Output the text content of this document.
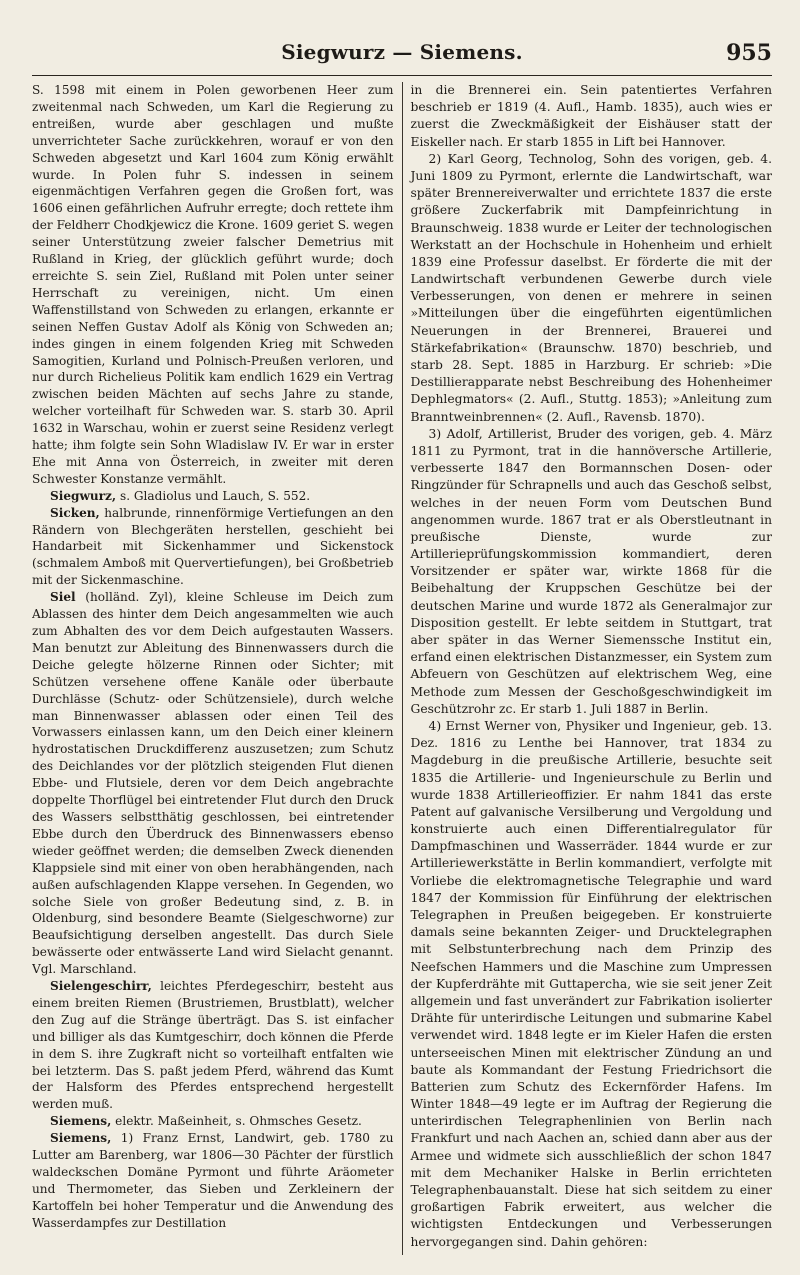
Siegwurz — Siemens.	955

S. 1598 mit einem in Polen geworbenen Heer zum zweitenmal nach Schweden, um Karl die Regierung zu entreißen, wurde aber geschlagen und mußte unverrichteter Sache zurückkehren, worauf er von den Schweden abgesetzt und Karl 1604 zum König erwählt wurde. In Polen fuhr S. indessen in seinem eigenmächtigen Verfahren gegen die Großen fort, was 1606 einen gefährlichen Aufruhr erregte; doch rettete ihm der Feldherr Chodkjewicz die Krone. 1609 geriet S. wegen seiner Unterstützung zweier falscher Demetrius mit Rußland in Krieg, der glücklich geführt wurde; doch erreichte S. sein Ziel, Rußland mit Polen unter seiner Herrschaft zu vereinigen, nicht. Um einen Waffenstillstand von Schweden zu erlangen, erkannte er seinen Neffen Gustav Adolf als König von Schweden an; indes gingen in einem folgenden Krieg mit Schweden Samogitien, Kurland und Polnisch-Preußen verloren, und nur durch Richelieus Politik kam endlich 1629 ein Vertrag zwischen beiden Mächten auf sechs Jahre zu stande, welcher vorteilhaft für Schweden war. S. starb 30. April 1632 in Warschau, wohin er zuerst seine Residenz verlegt hatte; ihm folgte sein Sohn Wladislaw IV. Er war in erster Ehe mit Anna von Österreich, in zweiter mit deren Schwester Konstanze vermählt.

Siegwurz, s. Gladiolus und Lauch, S. 552.

Sicken, halbrunde, rinnenförmige Vertiefungen an den Rändern von Blechgeräten herstellen, geschieht bei Handarbeit mit Sickenhammer und Sickenstock (schmalem Amboß mit Quervertiefungen), bei Großbetrieb mit der Sickenmaschine.

Siel (holländ. Zyl), kleine Schleuse im Deich zum Ablassen des hinter dem Deich angesammelten wie auch zum Abhalten des vor dem Deich aufgestauten Wassers. Man benutzt zur Ableitung des Binnenwassers durch die Deiche gelegte hölzerne Rinnen oder Sichter; mit Schützen versehene offene Kanäle oder überbaute Durchlässe (Schutz- oder Schützensiele), durch welche man Binnenwasser ablassen oder einen Teil des Vorwassers einlassen kann, um den Deich einer kleinern hydrostatischen Druckdifferenz auszusetzen; zum Schutz des Deichlandes vor der plötzlich steigenden Flut dienen Ebbe- und Flutsiele, deren vor dem Deich angebrachte doppelte Thorflügel bei eintretender Flut durch den Druck des Wassers selbstthätig geschlossen, bei eintretender Ebbe durch den Überdruck des Binnenwassers ebenso wieder geöffnet werden; die demselben Zweck dienenden Klappsiele sind mit einer von oben herabhängenden, nach außen aufschlagenden Klappe versehen. In Gegenden, wo solche Siele von großer Bedeutung sind, z. B. in Oldenburg, sind besondere Beamte (Sielgeschworne) zur Beaufsichtigung derselben angestellt. Das durch Siele bewässerte oder entwässerte Land wird Sielacht genannt. Vgl. Marschland.

Sielengeschirr, leichtes Pferdegeschirr, besteht aus einem breiten Riemen (Brustriemen, Brustblatt), welcher den Zug auf die Stränge überträgt. Das S. ist einfacher und billiger als das Kumtgeschirr, doch können die Pferde in dem S. ihre Zugkraft nicht so vorteilhaft entfalten wie bei letzterm. Das S. paßt jedem Pferd, während das Kumt der Halsform des Pferdes entsprechend hergestellt werden muß.

Siemens, elektr. Maßeinheit, s. Ohmsches Gesetz.

Siemens, 1) Franz Ernst, Landwirt, geb. 1780 zu Lutter am Barenberg, war 1806—30 Pächter der fürstlich waldeckschen Domäne Pyrmont und führte Aräometer und Thermometer, das Sieben und Zerkleinern der Kartoffeln bei hoher Temperatur und die Anwendung des Wasserdampfes zur Destillation

in die Brennerei ein. Sein patentiertes Verfahren beschrieb er 1819 (4. Aufl., Hamb. 1835), auch wies er zuerst die Zweckmäßigkeit der Eishäuser statt der Eiskeller nach. Er starb 1855 in Lift bei Hannover.

2) Karl Georg, Technolog, Sohn des vorigen, geb. 4. Juni 1809 zu Pyrmont, erlernte die Landwirtschaft, war später Brennereiverwalter und errichtete 1837 die erste größere Zuckerfabrik mit Dampfeinrichtung in Braunschweig. 1838 wurde er Leiter der technologischen Werkstatt an der Hochschule in Hohenheim und erhielt 1839 eine Professur daselbst. Er förderte die mit der Landwirtschaft verbundenen Gewerbe durch viele Verbesserungen, von denen er mehrere in seinen »Mitteilungen über die eingeführten eigentümlichen Neuerungen in der Brennerei, Brauerei und Stärkefabrikation« (Braunschw. 1870) beschrieb, und starb 28. Sept. 1885 in Harzburg. Er schrieb: »Die Destillierapparate nebst Beschreibung des Hohenheimer Dephlegmators« (2. Aufl., Stuttg. 1853); »Anleitung zum Branntweinbrennen« (2. Aufl., Ravensb. 1870).

3) Adolf, Artillerist, Bruder des vorigen, geb. 4. März 1811 zu Pyrmont, trat in die hannöversche Artillerie, verbesserte 1847 den Bormannschen Dosen- oder Ringzünder für Schrapnells und auch das Geschoß selbst, welches in der neuen Form vom Deutschen Bund angenommen wurde. 1867 trat er als Oberstleutnant in preußische Dienste, wurde zur Artillerieprüfungskommission kommandiert, deren Vorsitzender er später war, wirkte 1868 für die Beibehaltung der Kruppschen Geschütze bei der deutschen Marine und wurde 1872 als Generalmajor zur Disposition gestellt. Er lebte seitdem in Stuttgart, trat aber später in das Werner Siemenssche Institut ein, erfand einen elektrischen Distanzmesser, ein System zum Abfeuern von Geschützen auf elektrischem Weg, eine Methode zum Messen der Geschoßgeschwindigkeit im Geschützrohr zc. Er starb 1. Juli 1887 in Berlin.

4) Ernst Werner von, Physiker und Ingenieur, geb. 13. Dez. 1816 zu Lenthe bei Hannover, trat 1834 zu Magdeburg in die preußische Artillerie, besuchte seit 1835 die Artillerie- und Ingenieurschule zu Berlin und wurde 1838 Artillerieoffizier. Er nahm 1841 das erste Patent auf galvanische Versilberung und Vergoldung und konstruierte auch einen Differentialregulator für Dampfmaschinen und Wasserräder. 1844 wurde er zur Artilleriewerkstätte in Berlin kommandiert, verfolgte mit Vorliebe die elektromagnetische Telegraphie und ward 1847 der Kommission für Einführung der elektrischen Telegraphen in Preußen beigegeben. Er konstruierte damals seine bekannten Zeiger- und Drucktelegraphen mit Selbstunterbrechung nach dem Prinzip des Neefschen Hammers und die Maschine zum Umpressen der Kupferdrähte mit Guttapercha, wie sie seit jener Zeit allgemein und fast unverändert zur Fabrikation isolierter Drähte für unterirdische Leitungen und submarine Kabel verwendet wird. 1848 legte er im Kieler Hafen die ersten unterseeischen Minen mit elektrischer Zündung an und baute als Kommandant der Festung Friedrichsort die Batterien zum Schutz des Eckernförder Hafens. Im Winter 1848—49 legte er im Auftrag der Regierung die unterirdischen Telegraphenlinien von Berlin nach Frankfurt und nach Aachen an, schied dann aber aus der Armee und widmete sich ausschließlich der schon 1847 mit dem Mechaniker Halske in Berlin errichteten Telegraphenbauanstalt. Diese hat sich seitdem zu einer großartigen Fabrik erweitert, aus welcher die wichtigsten Entdeckungen und Verbesserungen hervorgegangen sind. Dahin gehören:
